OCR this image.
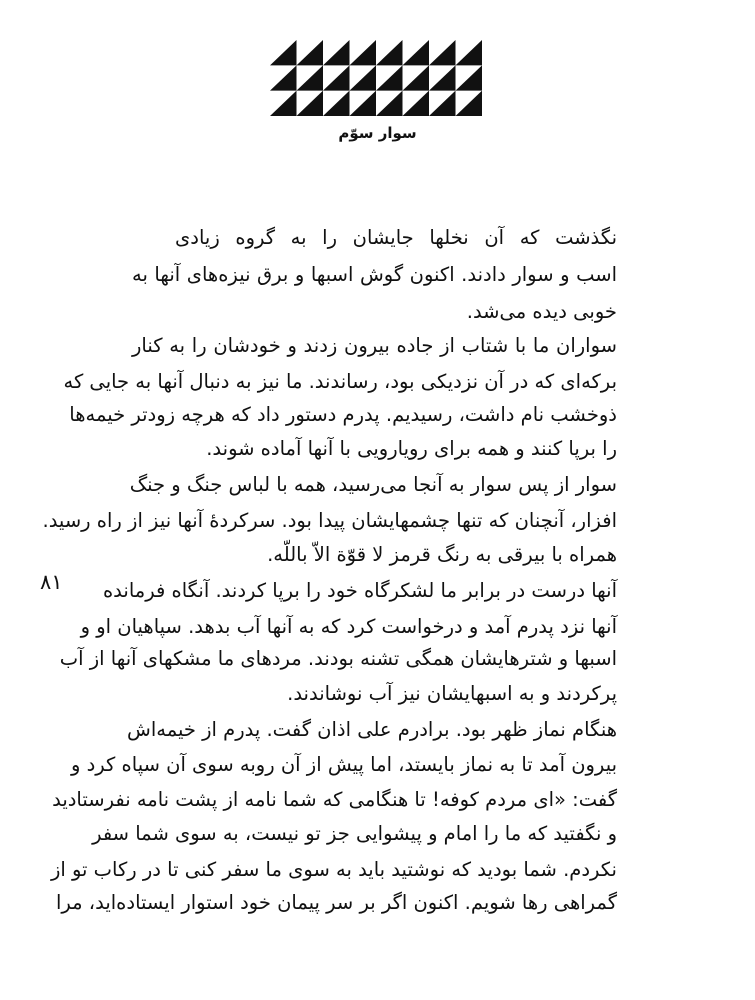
سوار سوّم
۸۱
نگذشت که آن نخلها جایشان را به گروه زیادی
اسب و سوار دادند. اکنون گوش اسبها و برق نیزه‌های آنها به
خوبی دیده می‌شد.
سواران ما با شتاب از جاده بیرون زدند و خودشان را به کنار
برکه‌ای که در آن نزدیکی بود، رساندند. ما نیز به دنبال آنها به جایی که
ذوخشب نام داشت، رسیدیم. پدرم دستور داد که هرچه زودتر خیمه‌ها
را برپا کنند و همه برای رویارویی با آنها آماده شوند.
سوار از پس سوار به آنجا می‌رسید، همه با لباس جنگ و جنگ
افزار، آنچنان که تنها چشمهایشان پیدا بود. سرکردهٔ آنها نیز از راه رسید.
همراه با بیرقی به رنگ قرمز لا قوّة الاّ باللّه.
آنها درست در برابر ما لشکرگاه خود را برپا کردند. آنگاه فرمانده
آنها نزد پدرم آمد و درخواست کرد که به آنها آب بدهد. سپاهیان او و
اسبها و شترهایشان همگی تشنه بودند. مردهای ما مشکهای آنها از آب
پرکردند و به اسبهایشان نیز آب نوشاندند.
هنگام نماز ظهر بود. برادرم علی اذان گفت. پدرم از خیمه‌اش
بیرون آمد تا به نماز بایستد، اما پیش از آن روبه سوی آن سپاه کرد و
گفت: «ای مردم کوفه! تا هنگامی که شما نامه از پشت نامه نفرستادید
و نگفتید که ما را امام و پیشوایی جز تو نیست، به سوی شما سفر
نکردم. شما بودید که نوشتید باید به سوی ما سفر کنی تا در رکاب تو از
گمراهی رها شویم. اکنون اگر بر سر پیمان خود استوار ایستاده‌اید، مرا
